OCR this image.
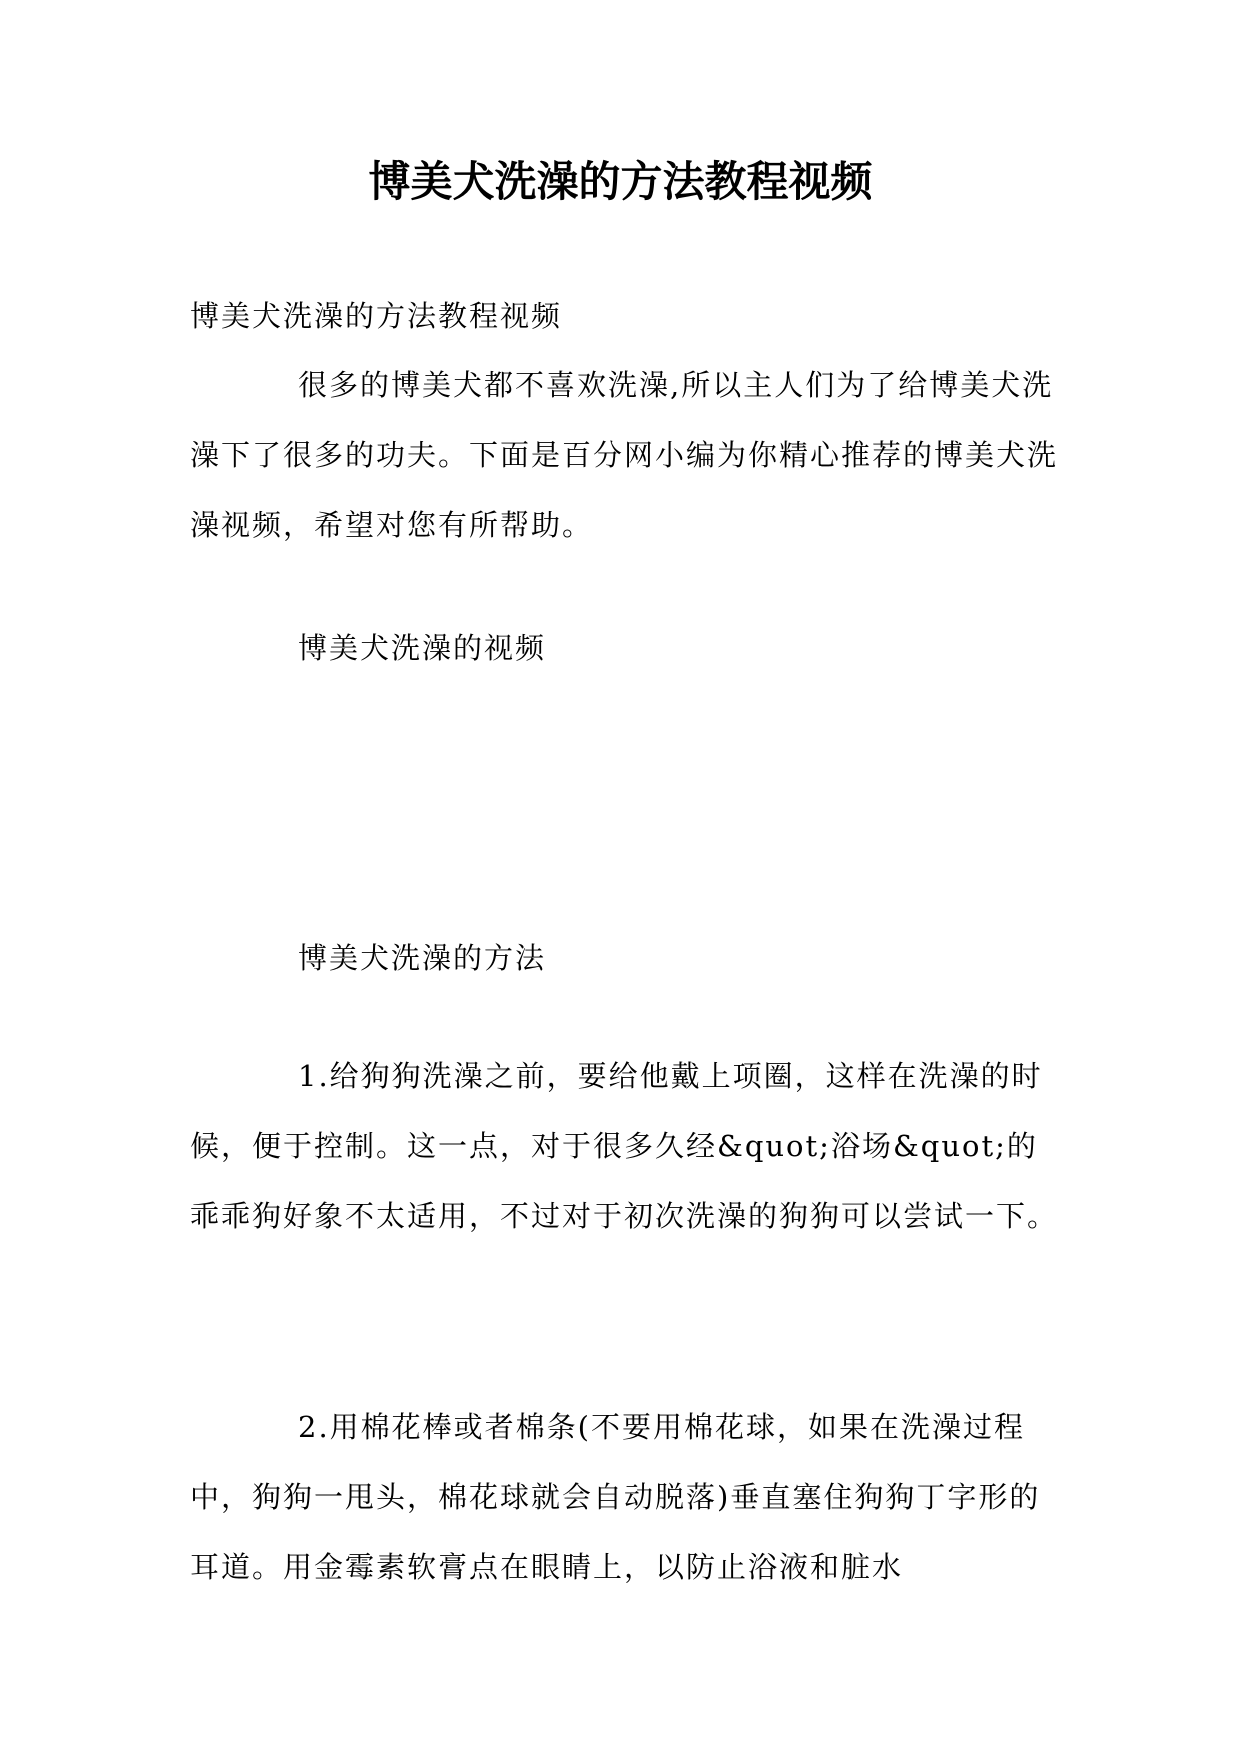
博美犬洗澡的方法教程视频

博美犬洗澡的方法教程视频

很多的博美犬都不喜欢洗澡,所以主人们为了给博美犬洗澡下了很多的功夫。下面是百分网小编为你精心推荐的博美犬洗澡视频，希望对您有所帮助。

博美犬洗澡的视频

博美犬洗澡的方法

1.给狗狗洗澡之前，要给他戴上项圈，这样在洗澡的时候，便于控制。这一点，对于很多久经&quot;浴场&quot;的乖乖狗好象不太适用，不过对于初次洗澡的狗狗可以尝试一下。

2.用棉花棒或者棉条(不要用棉花球，如果在洗澡过程中，狗狗一甩头，棉花球就会自动脱落)垂直塞住狗狗丁字形的耳道。用金霉素软膏点在眼睛上，以防止浴液和脏水
